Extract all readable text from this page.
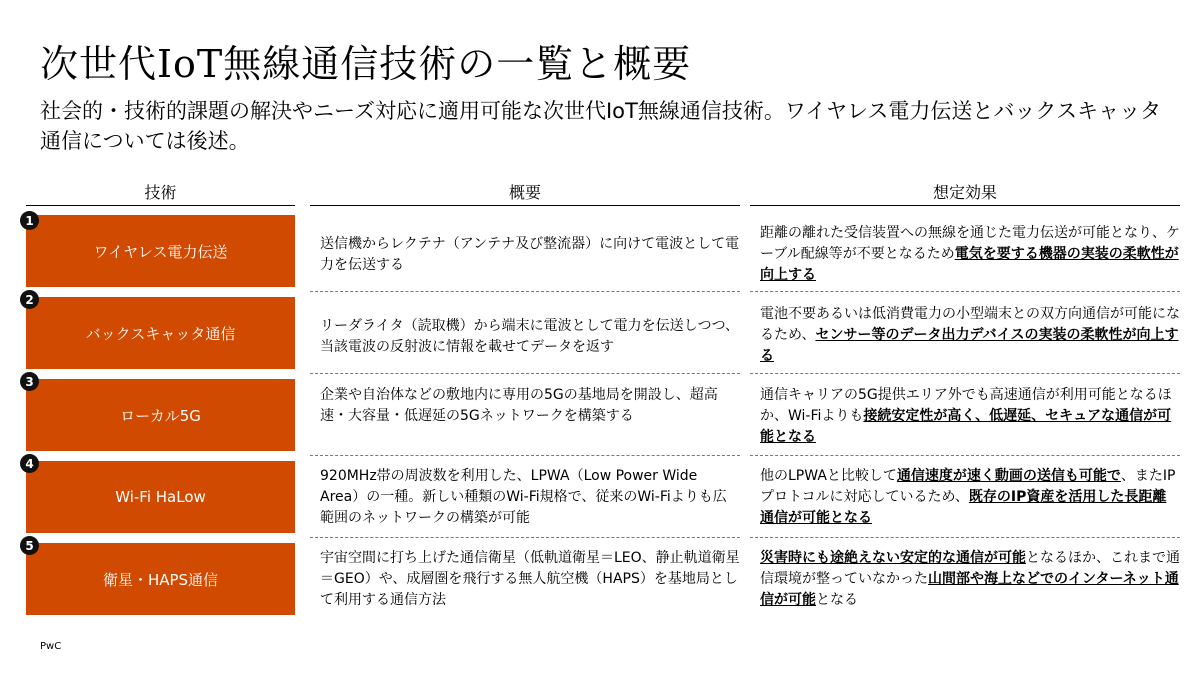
次世代IoT無線通信技術の一覧と概要
社会的・技術的課題の解決やニーズ対応に適用可能な次世代IoT無線通信技術。ワイヤレス電力伝送とバックスキャッタ通信については後述。
技術	概要	想定効果
ワイヤレス電力伝送
1
送信機からレクテナ（アンテナ及び整流器）に向けて電波として電力を伝送する
距離の離れた受信装置への無線を通じた電力伝送が可能となり、ケーブル配線等が不要となるため電気を要する機器の実装の柔軟性が向上する
バックスキャッタ通信
2
リーダライタ（読取機）から端末に電波として電力を伝送しつつ、当該電波の反射波に情報を載せてデータを返す
電池不要あるいは低消費電力の小型端末との双方向通信が可能になるため、センサー等のデータ出力デバイスの実装の柔軟性が向上する
ローカル5G
3
企業や自治体などの敷地内に専用の5Gの基地局を開設し、超高速・大容量・低遅延の5Gネットワークを構築する
通信キャリアの5G提供エリア外でも高速通信が利用可能となるほか、Wi-Fiよりも接続安定性が高く、低遅延、セキュアな通信が可能となる
Wi-Fi HaLow
4
920MHz帯の周波数を利用した、LPWA（Low Power Wide Area）の一種。新しい種類のWi-Fi規格で、従来のWi-Fiよりも広範囲のネットワークの構築が可能
他のLPWAと比較して通信速度が速く動画の送信も可能で、またIPプロトコルに対応しているため、既存のIP資産を活用した長距離通信が可能となる
衛星・HAPS通信
5
宇宙空間に打ち上げた通信衛星（低軌道衛星＝LEO、静止軌道衛星＝GEO）や、成層圏を飛行する無人航空機（HAPS）を基地局として利用する通信方法
災害時にも途絶えない安定的な通信が可能となるほか、これまで通信環境が整っていなかった山間部や海上などでのインターネット通信が可能となる
PwC
